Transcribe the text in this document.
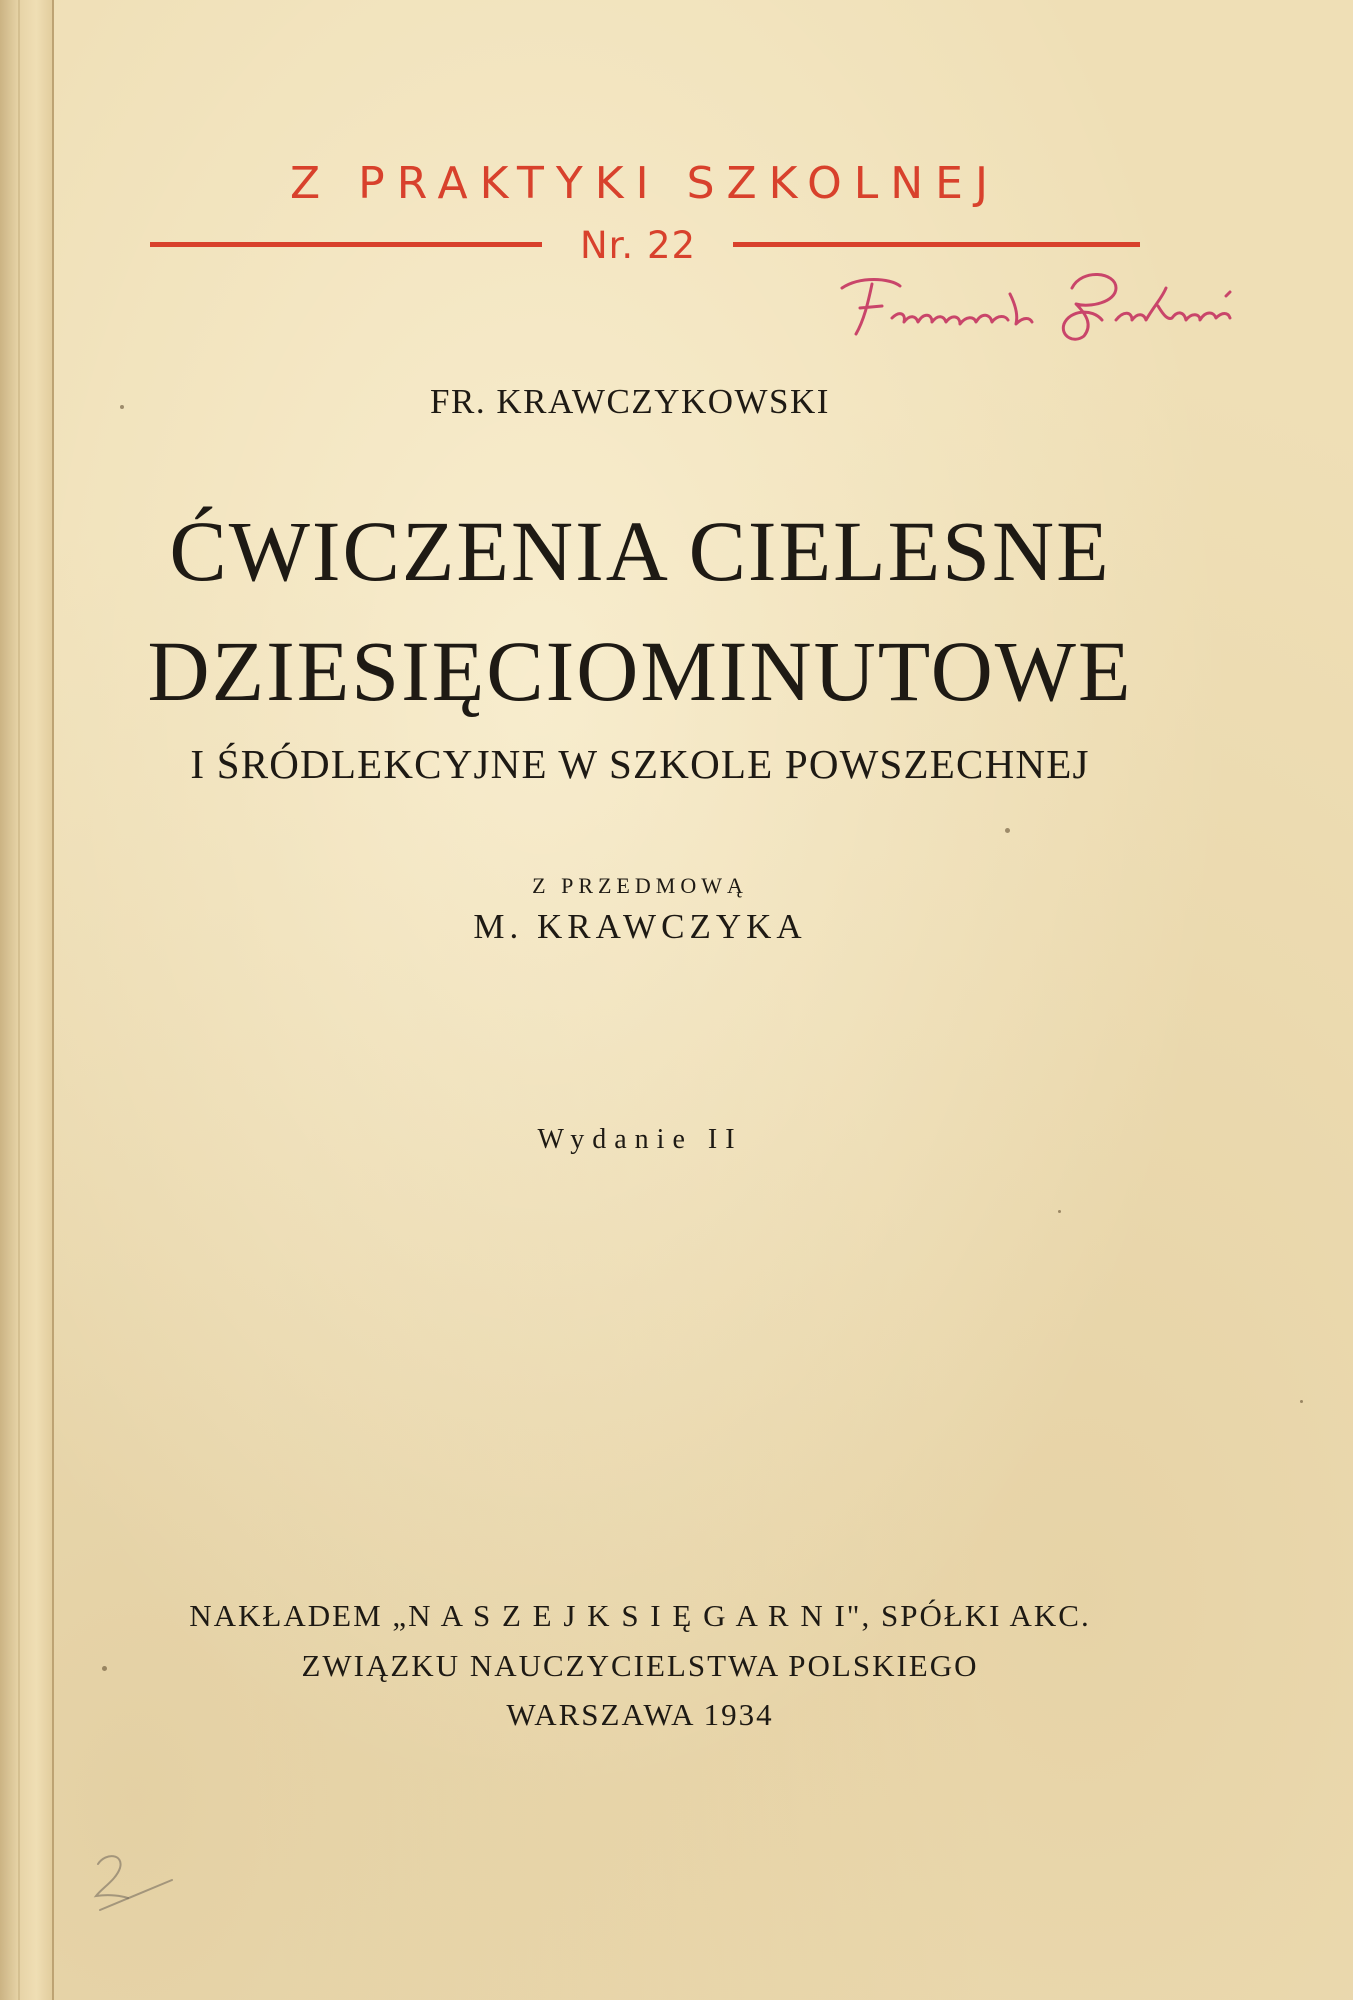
Z PRAKTYKI SZKOLNEJ
Nr. 22
FR. KRAWCZYKOWSKI
ĆWICZENIA CIELESNE
DZIESIĘCIOMINUTOWE
I ŚRÓDLEKCYJNE W SZKOLE POWSZECHNEJ
Z PRZEDMOWĄ
M. KRAWCZYKA
Wydanie II
NAKŁADEM „N A S Z E J K S I Ę G A R N I", SPÓŁKI AKC.
ZWIĄZKU NAUCZYCIELSTWA POLSKIEGO
WARSZAWA 1934
